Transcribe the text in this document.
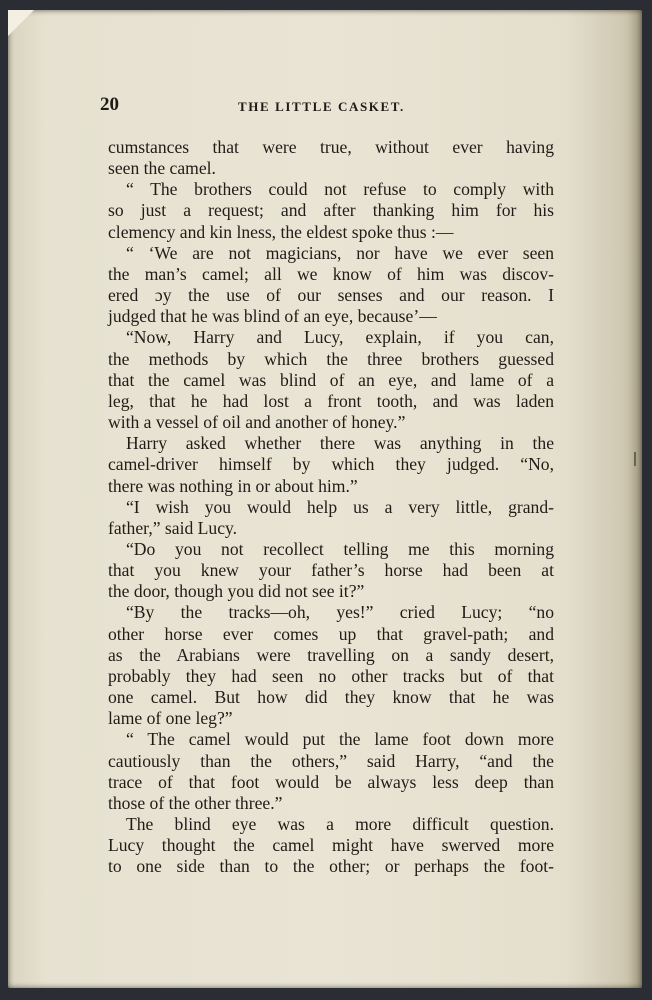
20	THE LITTLE CASKET.
cumstances that were true, without ever having
seen the camel.
“ The brothers could not refuse to comply with
so just a request; and after thanking him for his
clemency and kin lness, the eldest spoke thus :—
“ ‘We are not magicians, nor have we ever seen
the man’s camel; all we know of him was discov-
ered ɔy the use of our senses and our reason. I
judged that he was blind of an eye, because’—
“Now, Harry and Lucy, explain, if you can,
the methods by which the three brothers guessed
that the camel was blind of an eye, and lame of a
leg, that he had lost a front tooth, and was laden
with a vessel of oil and another of honey.”
Harry asked whether there was anything in the
camel-driver himself by which they judged. “No,
there was nothing in or about him.”
“I wish you would help us a very little, grand-
father,” said Lucy.
“Do you not recollect telling me this morning
that you knew your father’s horse had been at
the door, though you did not see it?”
“By the tracks—oh, yes!” cried Lucy; “no
other horse ever comes up that gravel-path; and
as the Arabians were travelling on a sandy desert,
probably they had seen no other tracks but of that
one camel. But how did they know that he was
lame of one leg?”
“ The camel would put the lame foot down more
cautiously than the others,” said Harry, “and the
trace of that foot would be always less deep than
those of the other three.”
The blind eye was a more difficult question.
Lucy thought the camel might have swerved more
to one side than to the other; or perhaps the foot-
